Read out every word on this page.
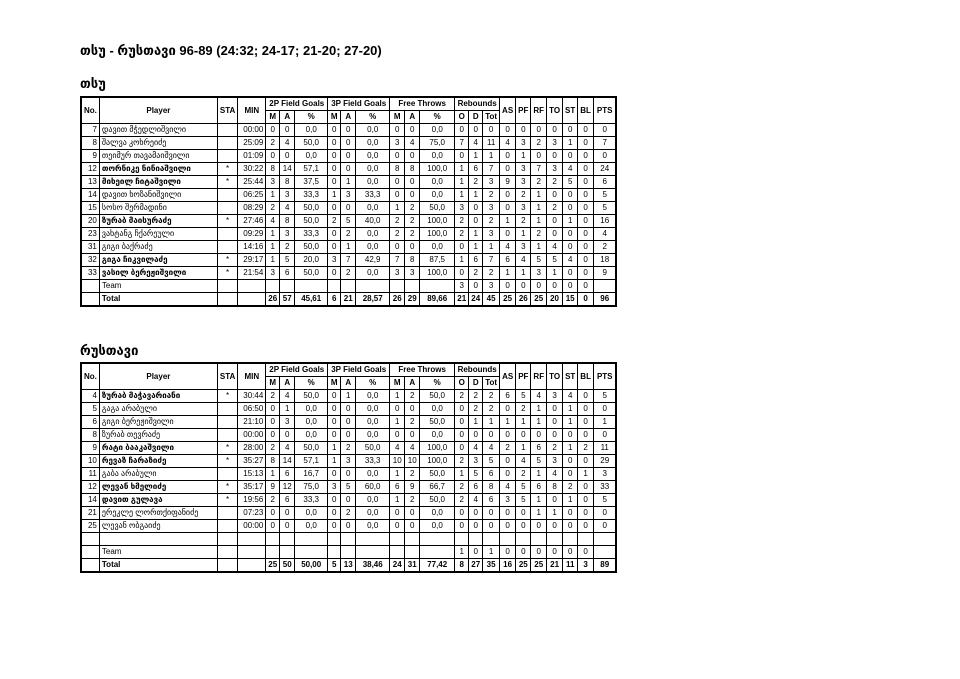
თსუ - რუსთავი 96-89 (24:32; 24-17; 21-20; 27-20)
თსუ
No.	Player	STA	MIN	2P Field Goals			3P Field Goals			Free Throws			Rebounds			AS	PF	RF	TO	ST	BL	PTS
				M	A	%	M	A	%	M	A	%	O	D	Tot							
7	დავით მჭედლიშვილი		00:00	0	0	0,0	0	0	0,0	0	0	0,0	0	0	0	0	0	0	0	0	0	0
8	შალვა კოხრეიძე		25:09	2	4	50,0	0	0	0,0	3	4	75,0	7	4	11	4	3	2	3	1	0	7
9	თეიმურ თავამაიშვილი		01:09	0	0	0,0	0	0	0,0	0	0	0,0	0	1	1	0	1	0	0	0	0	0
12	თორნიკე ნინიაშვილი	*	30:22	8	14	57,1	0	0	0,0	8	8	100,0	1	6	7	0	3	7	3	4	0	24
13	მიხეილ ჩიტაშვილი	*	25:44	3	8	37,5	0	1	0,0	0	0	0,0	1	2	3	9	3	2	2	5	0	6
14	დავით ხოზანიშვილი		06:25	1	3	33,3	1	3	33,3	0	0	0,0	1	1	2	0	2	1	0	0	0	5
15	სოსო შერმადინი		08:29	2	4	50,0	0	0	0,0	1	2	50,0	3	0	3	0	3	1	2	0	0	5
20	ზურაბ მაისურაძე	*	27:46	4	8	50,0	2	5	40,0	2	2	100,0	2	0	2	1	2	1	0	1	0	16
23	ვახტანგ ჩქარეული		09:29	1	3	33,3	0	2	0,0	2	2	100,0	2	1	3	0	1	2	0	0	0	4
31	გიგი ბაქრაძე		14:16	1	2	50,0	0	1	0,0	0	0	0,0	0	1	1	4	3	1	4	0	0	2
32	გიგა ჩიკვილაძე	*	29:17	1	5	20,0	3	7	42,9	7	8	87,5	1	6	7	6	4	5	5	4	0	18
33	ვასილ ბერეჟიშვილი	*	21:54	3	6	50,0	0	2	0,0	3	3	100,0	0	2	2	1	1	3	1	0	0	9
	Team												3	0	3	0	0	0	0	0	0	
	Total			26	57	45,61	6	21	28,57	26	29	89,66	21	24	45	25	26	25	20	15	0	96
რუსთავი
No.	Player	STA	MIN	2P Field Goals			3P Field Goals			Free Throws			Rebounds			AS	PF	RF	TO	ST	BL	PTS
				M	A	%	M	A	%	M	A	%	O	D	Tot							
4	ზურაბ მაჭავარიანი	*	30:44	2	4	50,0	0	1	0,0	1	2	50,0	2	2	2	6	5	4	3	4	0	5
5	გაგა არაბული		06:50	0	1	0,0	0	0	0,0	0	0	0,0	0	2	2	0	2	1	0	1	0	0
6	გიგი ბერეჟიშვილი		21:10	0	3	0,0	0	0	0,0	1	2	50,0	0	1	1	1	1	1	0	1	0	1
8	ზურაბ თევრაძე		00:00	0	0	0,0	0	0	0,0	0	0	0,0	0	0	0	0	0	0	0	0	0	0
9	რატი ბააკაშვილი	*	28:00	2	4	50,0	1	2	50,0	4	4	100,0	0	4	4	2	1	6	2	1	2	11
10	რევაზ ჩარაზიძე	*	35:27	8	14	57,1	1	3	33,3	10	10	100,0	2	3	5	0	4	5	3	0	0	29
11	გაბა არაბული		15:13	1	6	16,7	0	0	0,0	1	2	50,0	1	5	6	0	2	1	4	0	1	3
12	ლევან ხმელიძე	*	35:17	9	12	75,0	3	5	60,0	6	9	66,7	2	6	8	4	5	6	8	2	0	33
14	დავით გულავა	*	19:56	2	6	33,3	0	0	0,0	1	2	50,0	2	4	6	3	5	1	0	1	0	5
21	ერეკლე ლორთქიფანიძე		07:23	0	0	0,0	0	2	0,0	0	0	0,0	0	0	0	0	0	1	1	0	0	0
25	ლევან ობგაიძე		00:00	0	0	0,0	0	0	0,0	0	0	0,0	0	0	0	0	0	0	0	0	0	0

	Team												1	0	1	0	0	0	0	0	0	
	Total			25	50	50,00	5	13	38,46	24	31	77,42	8	27	35	16	25	25	21	11	3	89
